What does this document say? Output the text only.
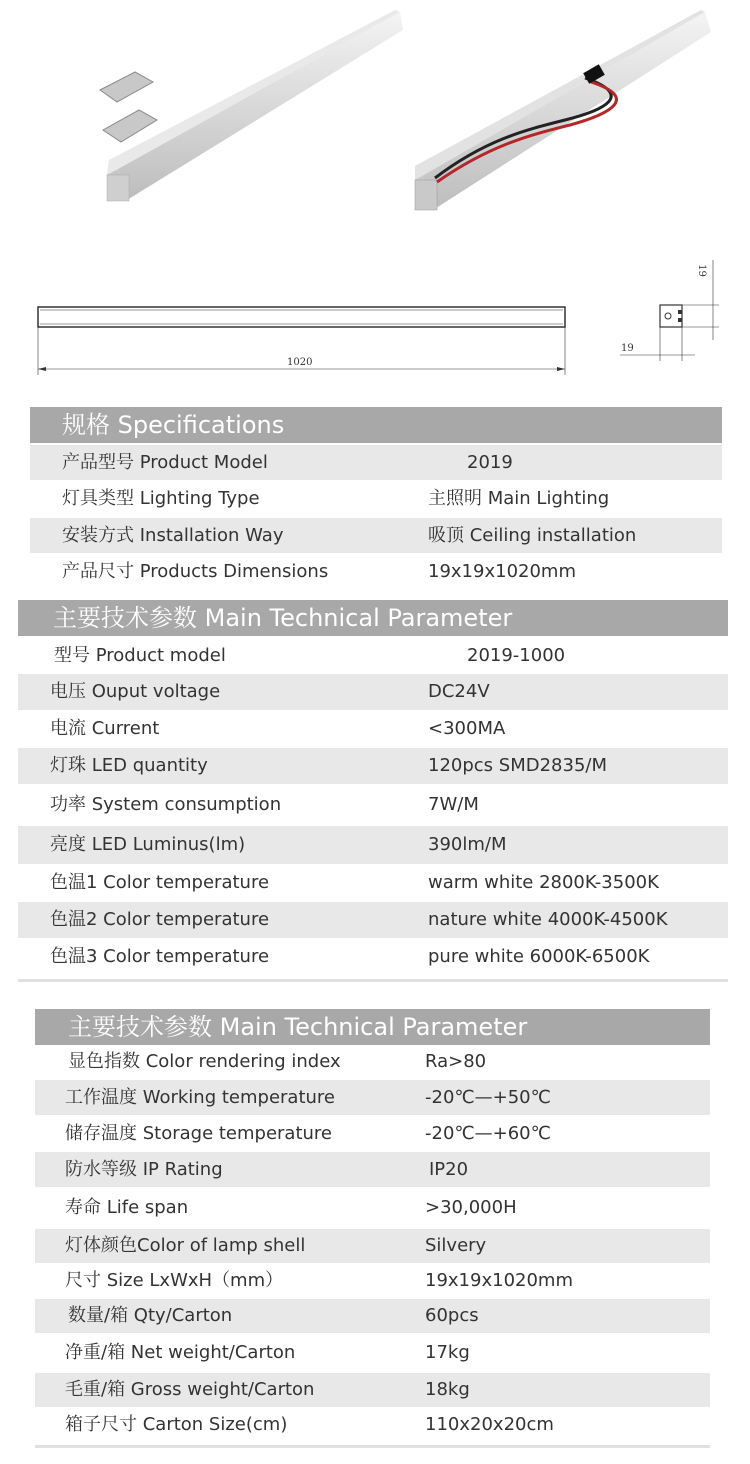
1020
19
19
规格 Specifications
产品型号 Product Model	2019
灯具类型 Lighting Type	主照明 Main Lighting
安装方式 Installation Way	吸顶 Ceiling installation
产品尺寸 Products Dimensions	19x19x1020mm
主要技术参数 Main Technical Parameter
型号 Product model	2019-1000
电压 Ouput voltage	DC24V
电流 Current	<300MA
灯珠 LED quantity	120pcs SMD2835/M
功率 System consumption	7W/M
亮度 LED Luminus(lm)	390lm/M
色温1 Color temperature	warm white 2800K-3500K
色温2 Color temperature	nature white 4000K-4500K
色温3 Color temperature	pure white 6000K-6500K
主要技术参数 Main Technical Parameter
显色指数 Color rendering index	Ra>80
工作温度 Working temperature	-20℃—+50℃
储存温度 Storage temperature	-20℃—+60℃
防水等级 IP Rating	IP20
寿命 Life span	>30,000H
灯体颜色Color of lamp shell	Silvery
尺寸 Size LxWxH（mm）	19x19x1020mm
数量/箱 Qty/Carton	60pcs
净重/箱 Net weight/Carton	17kg
毛重/箱 Gross weight/Carton	18kg
箱子尺寸 Carton Size(cm)	110x20x20cm
